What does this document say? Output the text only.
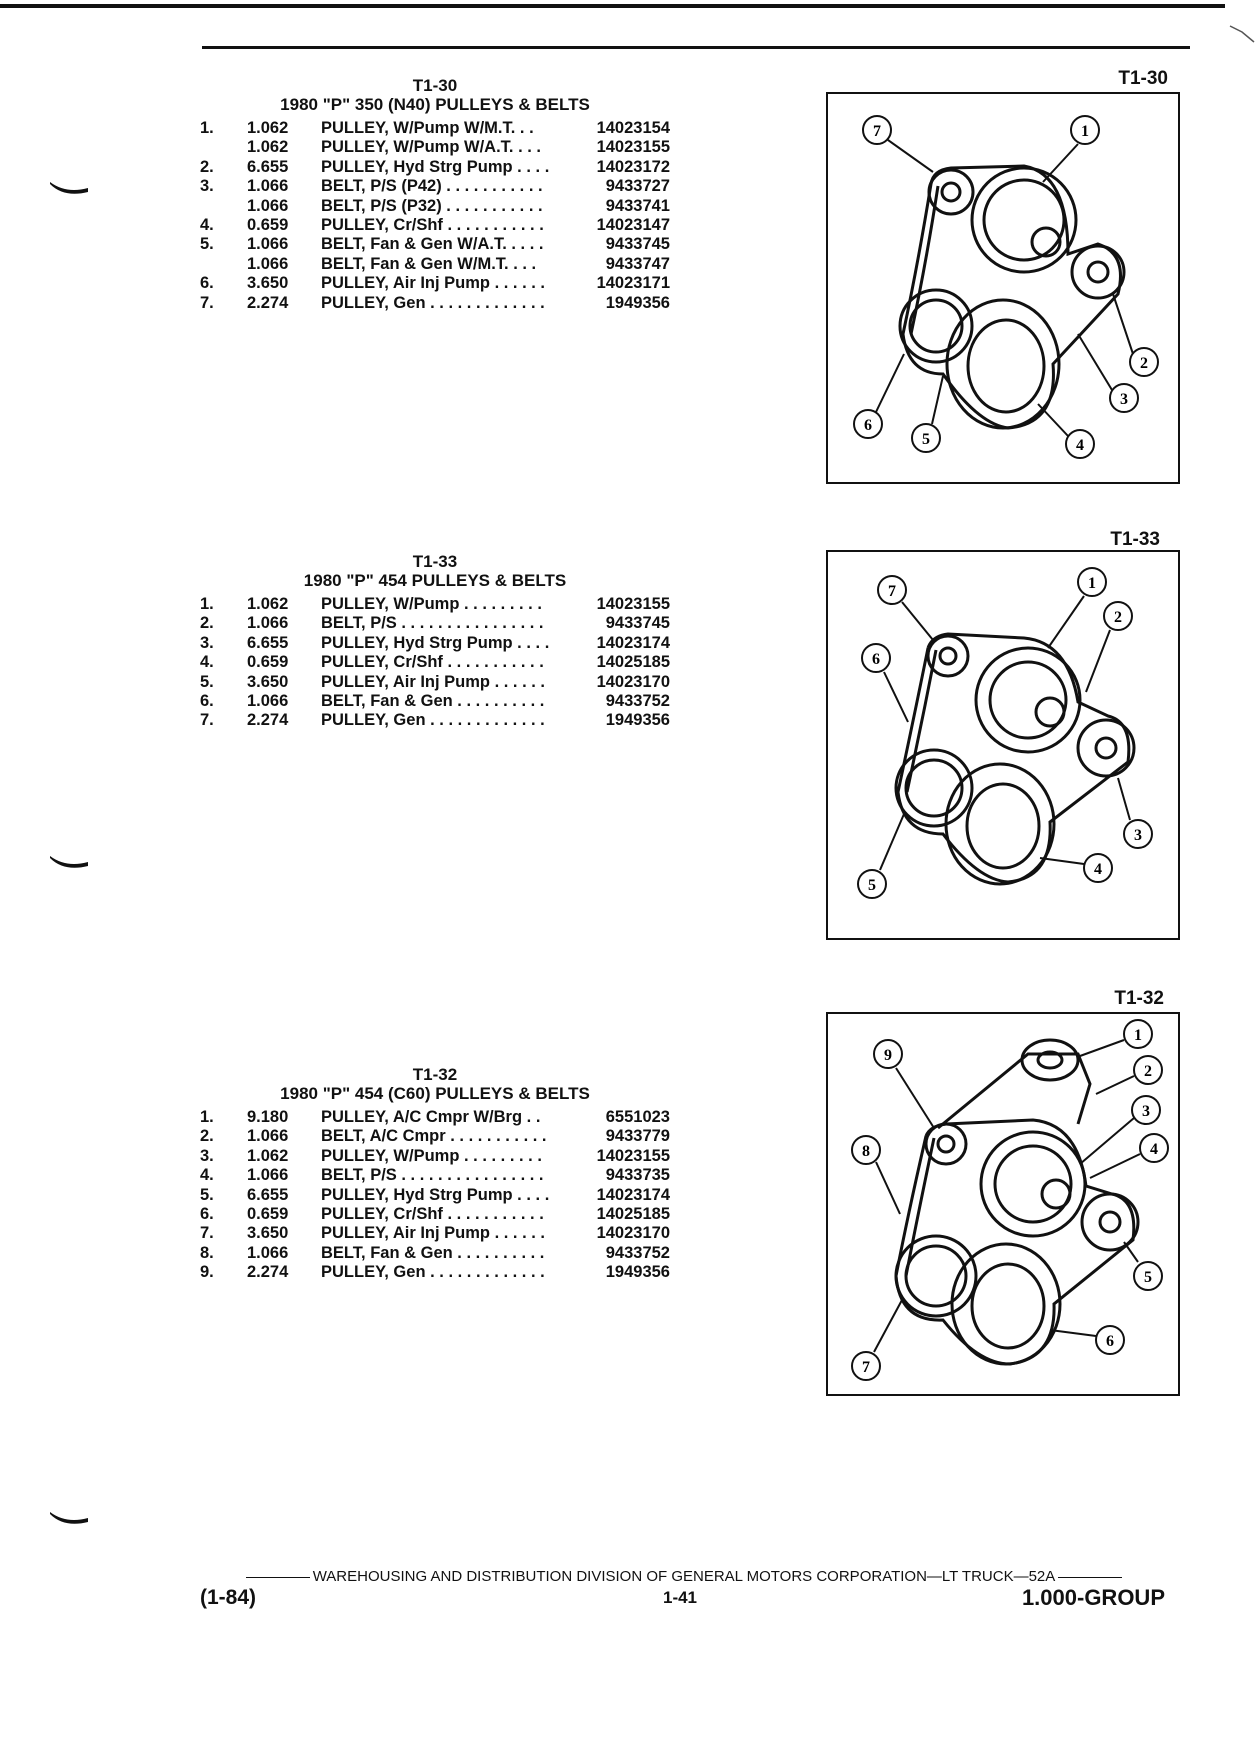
T1-30
1980 "P" 350 (N40) PULLEYS & BELTS
1.	1.062	PULLEY, W/Pump W/M.T. . .	14023154
1.062	PULLEY, W/Pump W/A.T. . . .	14023155
2.	6.655	PULLEY, Hyd Strg Pump . . . .	14023172
3.	1.066	BELT, P/S (P42) . . . . . . . . . . .	9433727
1.066	BELT, P/S (P32) . . . . . . . . . . .	9433741
4.	0.659	PULLEY, Cr/Shf . . . . . . . . . . .	14023147
5.	1.066	BELT, Fan & Gen W/A.T. . . . .	9433745
1.066	BELT, Fan & Gen W/M.T. . . .	9433747
6.	3.650	PULLEY, Air Inj Pump . . . . . .	14023171
7.	2.274	PULLEY, Gen . . . . . . . . . . . . .	1949356
T1-33
1980 "P" 454 PULLEYS & BELTS
1.	1.062	PULLEY, W/Pump . . . . . . . . .	14023155
2.	1.066	BELT, P/S . . . . . . . . . . . . . . . .	9433745
3.	6.655	PULLEY, Hyd Strg Pump . . . .	14023174
4.	0.659	PULLEY, Cr/Shf . . . . . . . . . . .	14025185
5.	3.650	PULLEY, Air Inj Pump . . . . . .	14023170
6.	1.066	BELT, Fan & Gen . . . . . . . . . .	9433752
7.	2.274	PULLEY, Gen . . . . . . . . . . . . .	1949356
T1-32
1980 "P" 454 (C60) PULLEYS & BELTS
1.	9.180	PULLEY, A/C Cmpr W/Brg . .	6551023
2.	1.066	BELT, A/C Cmpr . . . . . . . . . . .	9433779
3.	1.062	PULLEY, W/Pump . . . . . . . . .	14023155
4.	1.066	BELT, P/S . . . . . . . . . . . . . . . .	9433735
5.	6.655	PULLEY, Hyd Strg Pump . . . .	14023174
6.	0.659	PULLEY, Cr/Shf . . . . . . . . . . .	14025185
7.	3.650	PULLEY, Air Inj Pump . . . . . .	14023170
8.	1.066	BELT, Fan & Gen . . . . . . . . . .	9433752
9.	2.274	PULLEY, Gen . . . . . . . . . . . . .	1949356
T1-30
T1-33
T1-32
7	1
2
3
4
5
6
7	1
2
6
3
4
5
9
1
2
3
4
8
5
6
7
WAREHOUSING AND DISTRIBUTION DIVISION OF GENERAL MOTORS CORPORATION—LT TRUCK—52A
(1-84)	1-41	1.000-GROUP
